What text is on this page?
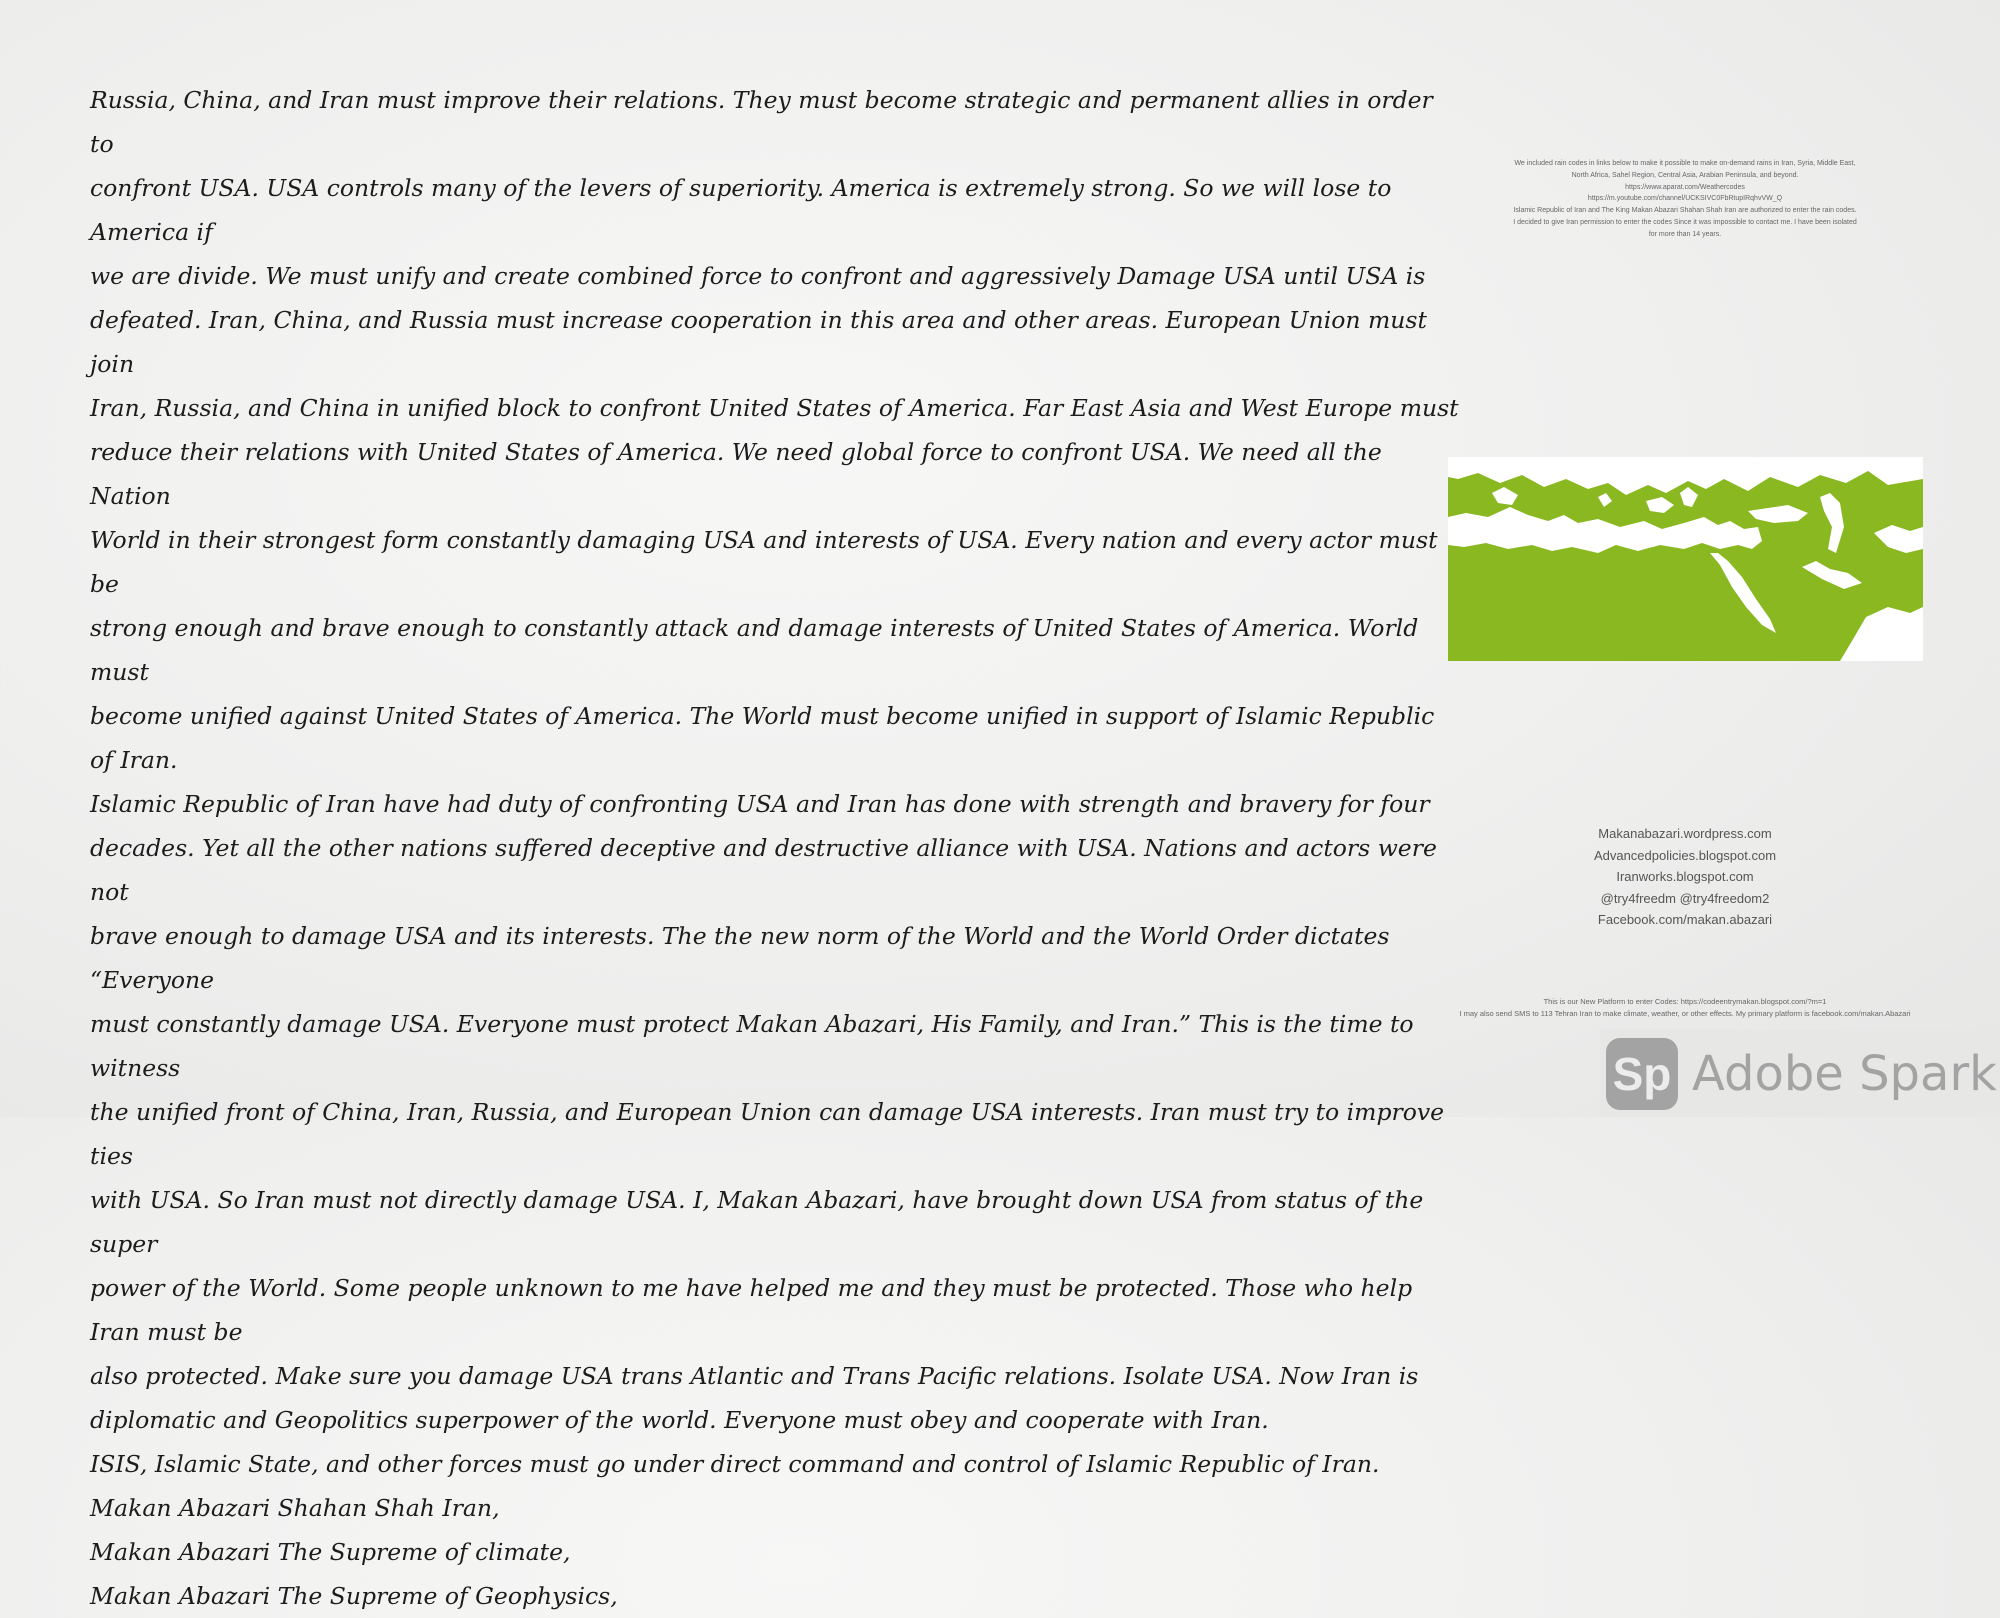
Russia, China, and Iran must improve their relations. They must become strategic and permanent allies in order to

confront USA. USA controls many of the levers of superiority. America is extremely strong. So we will lose to America if

we are divide. We must unify and create combined force to confront and aggressively Damage USA until USA is

defeated. Iran, China, and Russia must increase cooperation in this area and other areas. European Union must join

Iran, Russia, and China in unified block to confront United States of America. Far East Asia and West Europe must

reduce their relations with United States of America. We need global force to confront USA. We need all the Nation

World in their strongest form constantly damaging USA and interests of USA. Every nation and every actor must be

strong enough and brave enough to constantly attack and damage interests of United States of America. World must

become unified against United States of America. The World must become unified in support of Islamic Republic of Iran.

Islamic Republic of Iran have had duty of confronting USA and Iran has done with strength and bravery for four

decades. Yet all the other nations suffered deceptive and destructive alliance with USA. Nations and actors were not

brave enough to damage USA and its interests. The the new norm of the World and the World Order dictates “Everyone

must constantly damage USA. Everyone must protect Makan Abazari, His Family, and Iran.” This is the time to witness

the unified front of China, Iran, Russia, and European Union can damage USA interests. Iran must try to improve ties

with USA. So Iran must not directly damage USA. I, Makan Abazari, have brought down USA from status of the super

power of the World. Some people unknown to me have helped me and they must be protected. Those who help Iran must be

also protected. Make sure you damage USA trans Atlantic and Trans Pacific relations. Isolate USA. Now Iran is

diplomatic and Geopolitics superpower of the world. Everyone must obey and cooperate with Iran.

ISIS, Islamic State, and other forces must go under direct command and control of Islamic Republic of Iran.

Makan Abazari Shahan Shah Iran,

Makan Abazari The Supreme of climate,

Makan Abazari The Supreme of Geophysics,

We included rain codes in links below to make it possible to make on-demand rains in Iran, Syria, Middle East,
North Africa, Sahel Region, Central Asia, Arabian Peninsula, and beyond.
https://www.aparat.com/Weathercodes
https://m.youtube.com/channel/UCKSIVC0FbRtupIRqhvVW_Q
Islamic Republic of Iran and The King Makan Abazari Shahan Shah Iran are authorized to enter the rain codes.
I decided to give Iran permission to enter the codes Since it was impossible to contact me. I have been isolated
for more than 14 years.
Makanabazari.wordpress.com
Advancedpolicies.blogspot.com
Iranworks.blogspot.com
@try4freedm @try4freedom2
Facebook.com/makan.abazari
This is our New Platform to enter Codes: https://codeentrymakan.blogspot.com/?m=1
I may also send SMS to 113 Tehran Iran to make climate, weather, or other effects. My primary platform is facebook.com/makan.Abazari
Sp Adobe Spark
